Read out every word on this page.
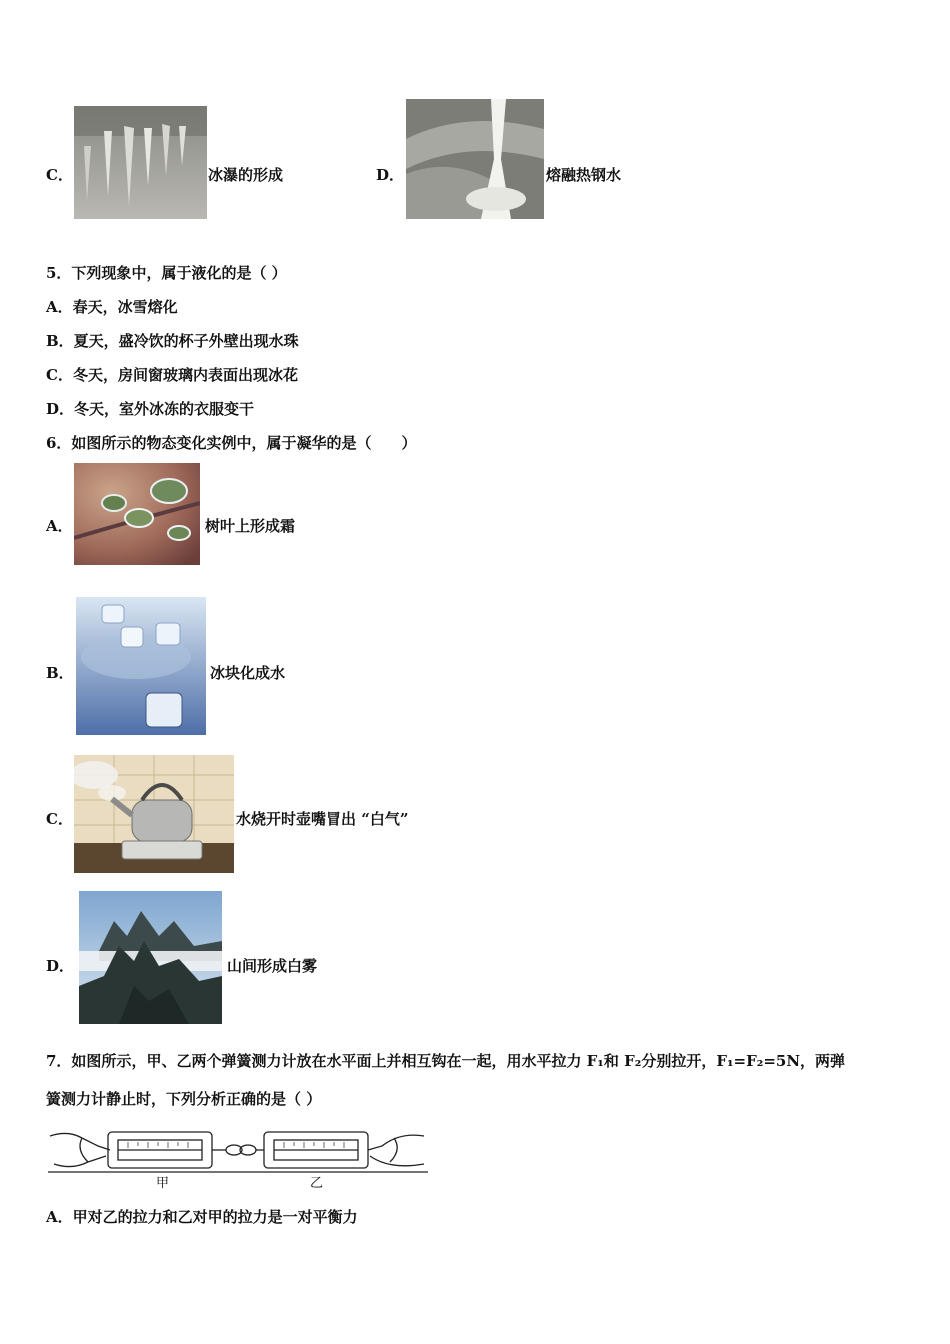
C．	冰瀑的形成	D．	熔融热钢水
5．下列现象中，属于液化的是（ ）
A．春天，冰雪熔化
B．夏天，盛冷饮的杯子外壁出现水珠
C．冬天，房间窗玻璃内表面出现冰花
D．冬天，室外冰冻的衣服变干
6．如图所示的物态变化实例中，属于凝华的是（　　）
A．	树叶上形成霜
B．	冰块化成水
C．	水烧开时壶嘴冒出 “白气”
D．	山间形成白雾
7．如图所示，甲、乙两个弹簧测力计放在水平面上并相互钩在一起，用水平拉力 F₁和 F₂分别拉开，F₁=F₂=5N，两弹
簧测力计静止时，下列分析正确的是（ ）
甲	乙
A．甲对乙的拉力和乙对甲的拉力是一对平衡力
